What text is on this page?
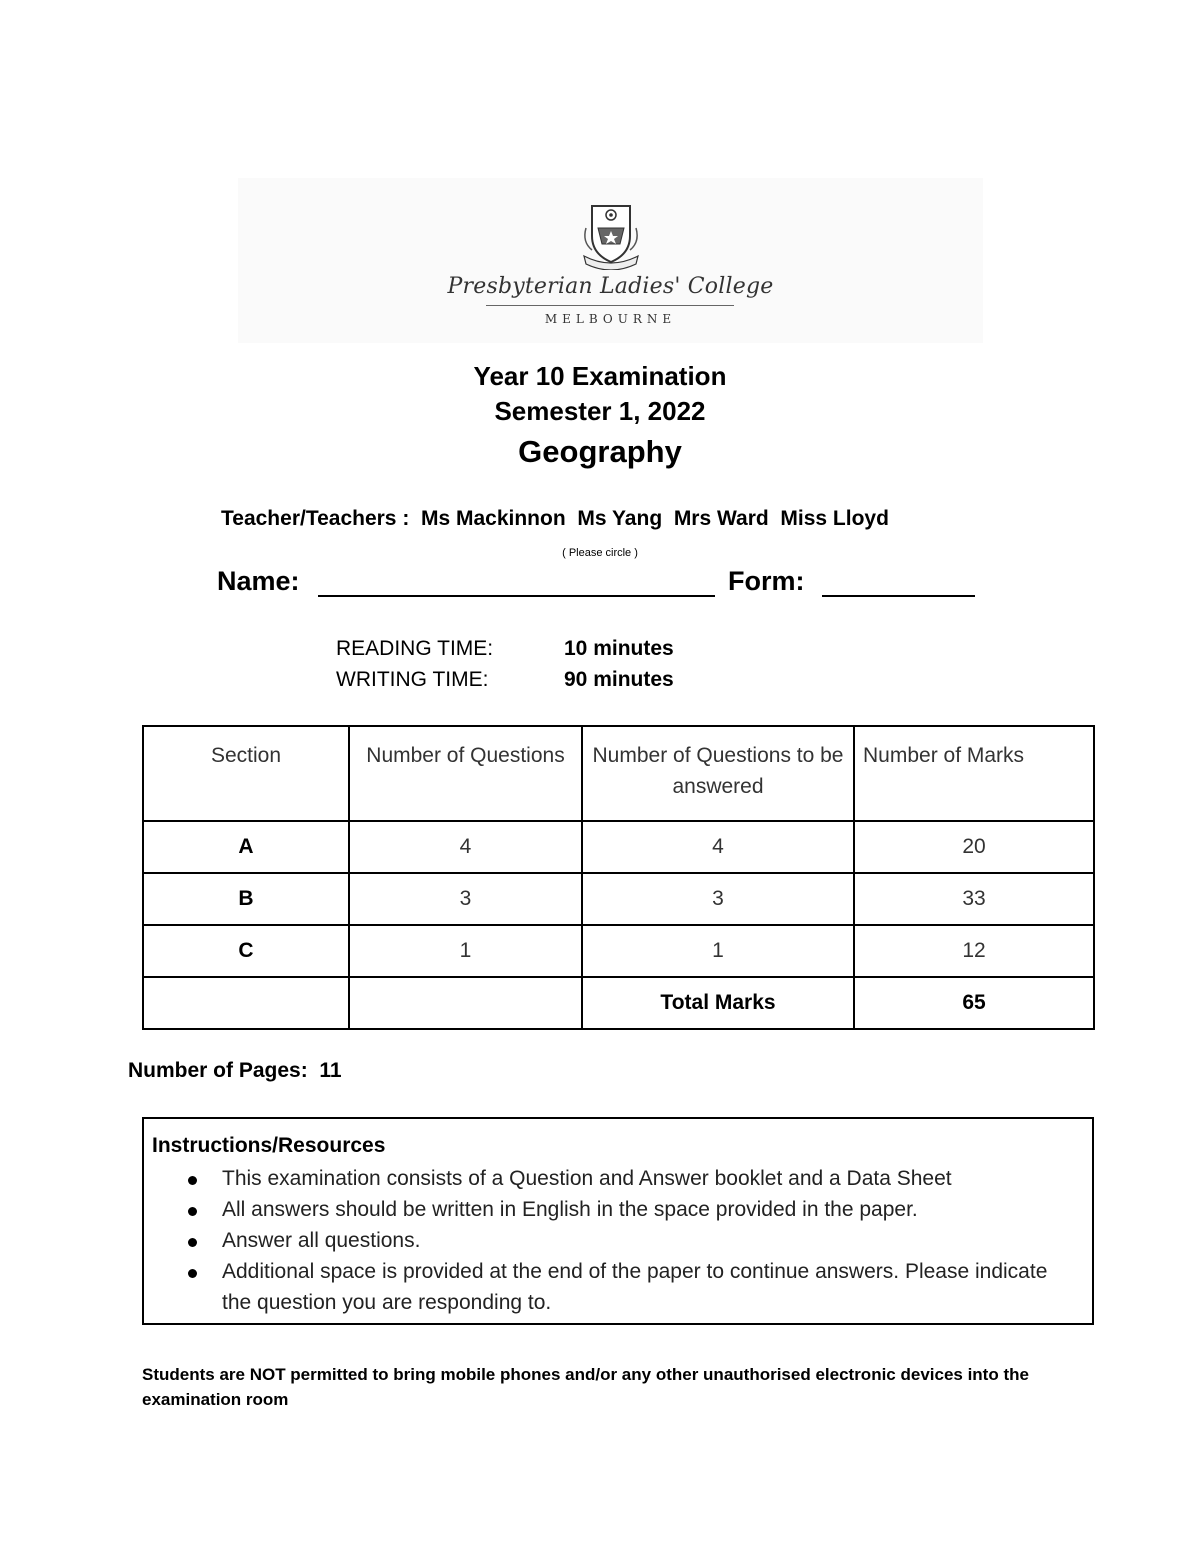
Presbyterian Ladies' College
MELBOURNE
Year 10 Examination
Semester 1, 2022
Geography
Teacher/Teachers :  Ms Mackinnon  Ms Yang  Mrs Ward  Miss Lloyd
( Please circle )
Name:	Form:
READING TIME:	10 minutes
WRITING TIME:	90 minutes
Section	Number of Questions	Number of Questions to be answered	Number of Marks
A	4	4	20
B	3	3	33
C	1	1	12
		Total Marks	65
Number of Pages: 11
Instructions/Resources
This examination consists of a Question and Answer booklet and a Data Sheet
All answers should be written in English in the space provided in the paper.
Answer all questions.
Additional space is provided at the end of the paper to continue answers. Please indicate the question you are responding to.
Students are NOT permitted to bring mobile phones and/or any other unauthorised electronic devices into the examination room
